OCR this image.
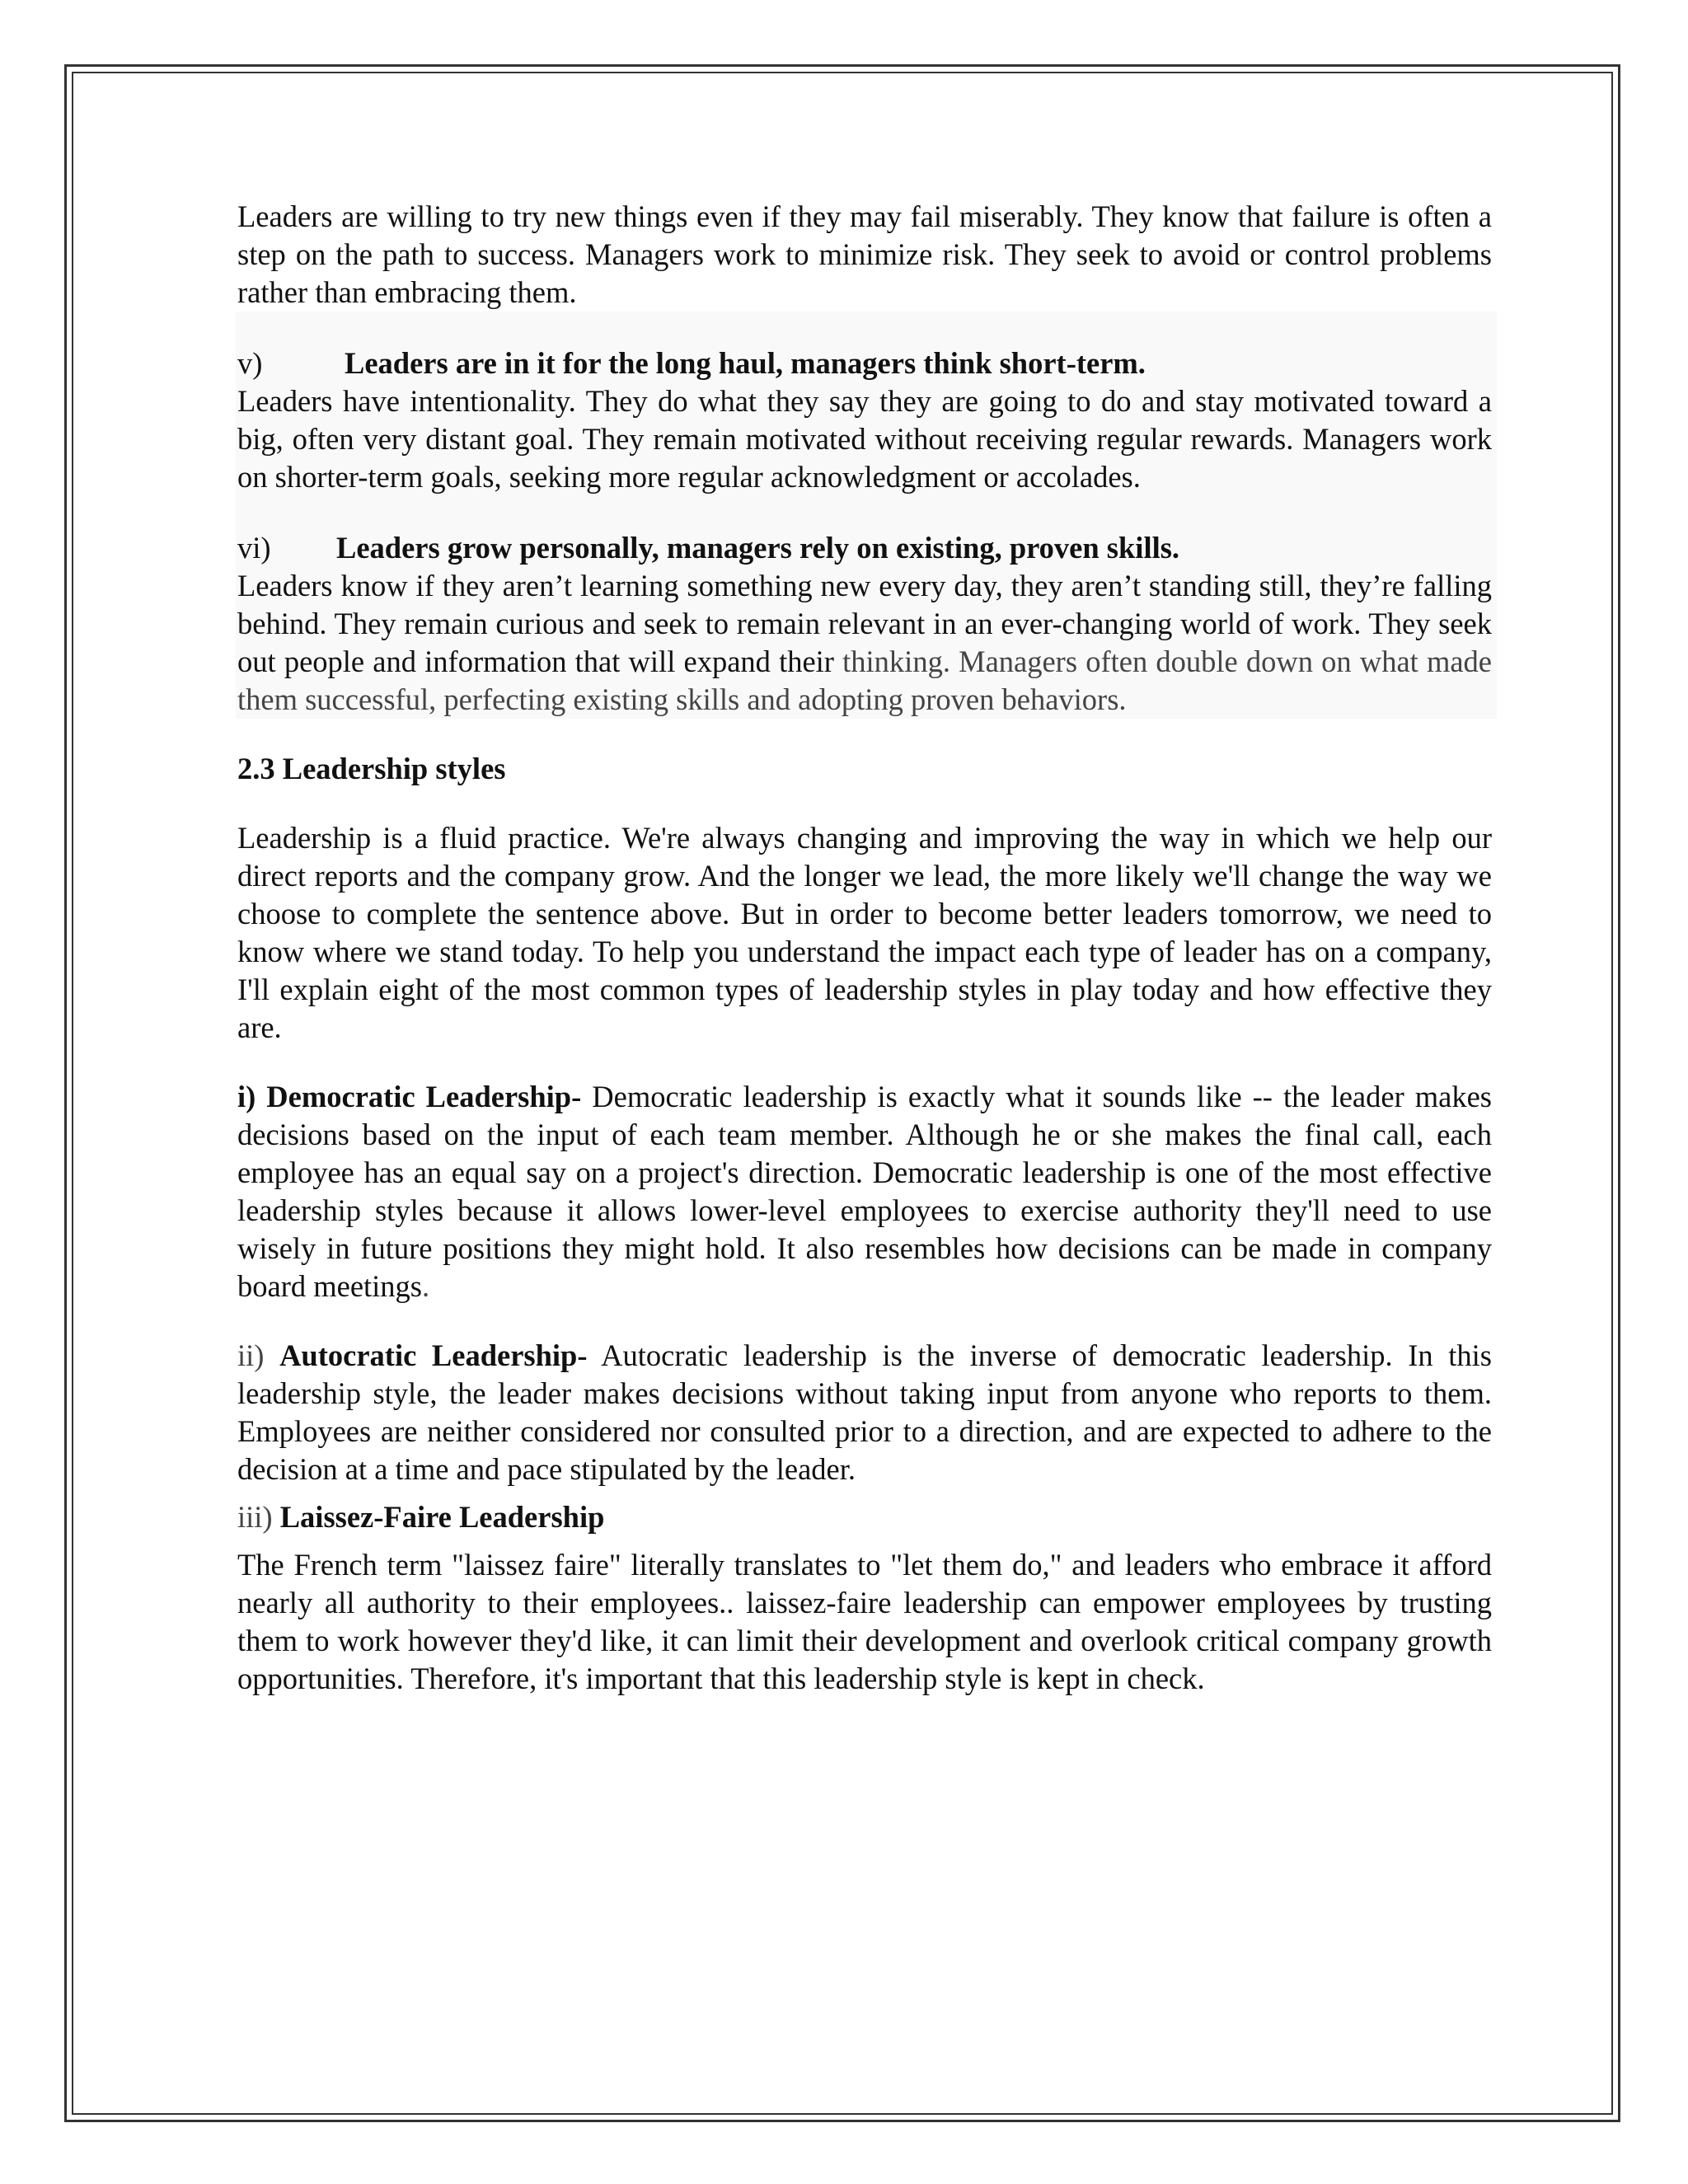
Leaders are willing to try new things even if they may fail miserably. They know that failure is often a step on the path to success. Managers work to minimize risk. They seek to avoid or control problems rather than embracing them.

v)	Leaders are in it for the long haul, managers think short-term.

Leaders have intentionality. They do what they say they are going to do and stay motivated toward a big, often very distant goal. They remain motivated without receiving regular rewards. Managers work on shorter-term goals, seeking more regular acknowledgment or accolades.

vi) Leaders grow personally, managers rely on existing, proven skills.

Leaders know if they aren’t learning something new every day, they aren’t standing still, they’re falling behind. They remain curious and seek to remain relevant in an ever-changing world of work. They seek out people and information that will expand their thinking. Managers often double down on what made them successful, perfecting existing skills and adopting proven behaviors.

2.3 Leadership styles

Leadership is a fluid practice. We're always changing and improving the way in which we help our direct reports and the company grow. And the longer we lead, the more likely we'll change the way we choose to complete the sentence above. But in order to become better leaders tomorrow, we need to know where we stand today. To help you understand the impact each type of leader has on a company, I'll explain eight of the most common types of leadership styles in play today and how effective they are.

i) Democratic Leadership- Democratic leadership is exactly what it sounds like -- the leader makes decisions based on the input of each team member. Although he or she makes the final call, each employee has an equal say on a project's direction. Democratic leadership is one of the most effective leadership styles because it allows lower-level employees to exercise authority they'll need to use wisely in future positions they might hold. It also resembles how decisions can be made in company board meetings.

ii) Autocratic Leadership- Autocratic leadership is the inverse of democratic leadership. In this leadership style, the leader makes decisions without taking input from anyone who reports to them. Employees are neither considered nor consulted prior to a direction, and are expected to adhere to the decision at a time and pace stipulated by the leader.

iii) Laissez-Faire Leadership

The French term "laissez faire" literally translates to "let them do," and leaders who embrace it afford nearly all authority to their employees.. laissez-faire leadership can empower employees by trusting them to work however they'd like, it can limit their development and overlook critical company growth opportunities. Therefore, it's important that this leadership style is kept in check.
